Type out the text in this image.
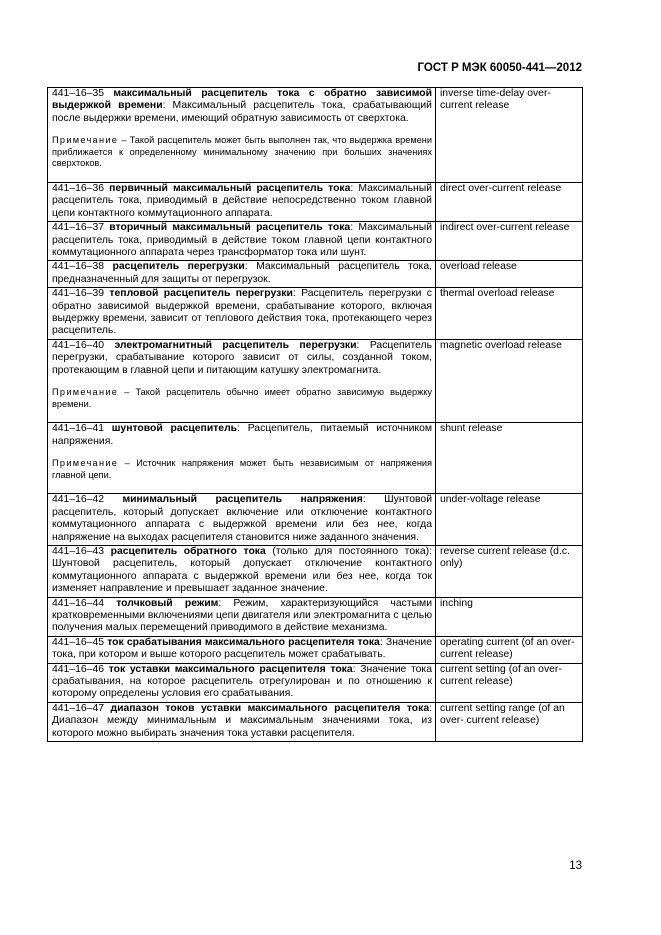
ГОСТ Р МЭК 60050-441—2012
441–16–35 максимальный расцепитель тока с обратно зависимой выдержкой времени: Максимальный расцепитель тока, срабатывающий после выдержки времени, имеющий обратную зависимость от сверхтока.
Примечание – Такой расцепитель может быть выполнен так, что выдержка времени приближается к определенному минимальному значению при больших значениях сверхтоков.	inverse time-delay over-current release
441–16–36 первичный максимальный расцепитель тока: Максимальный расцепитель тока, приводимый в действие непосредственно током главной цепи контактного коммутационного аппарата.	direct over-current release
441–16–37 вторичный максимальный расцепитель тока: Максимальный расцепитель тока, приводимый в действие током главной цепи контактного коммутационного аппарата через трансформатор тока или шунт.	indirect over-current release
441–16–38 расцепитель перегрузки: Максимальный расцепитель тока, предназначенный для защиты от перегрузок.	overload release
441–16–39 тепловой расцепитель перегрузки: Расцепитель перегрузки с обратно зависимой выдержкой времени, срабатывание которого, включая выдержку времени, зависит от теплового действия тока, протекающего через расцепитель.	thermal overload release
441–16–40 электромагнитный расцепитель перегрузки: Расцепитель перегрузки, срабатывание которого зависит от силы, созданной током, протекающим в главной цепи и питающим катушку электромагнита.
Примечание – Такой расцепитель обычно имеет обратно зависимую выдержку времени.	magnetic overload release
441–16–41 шунтовой расцепитель: Расцепитель, питаемый источником напряжения.
Примечание – Источник напряжения может быть независимым от напряжения главной цепи.	shunt release
441–16–42 минимальный расцепитель напряжения: Шунтовой расцепитель, который допускает включение или отключение контактного коммутационного аппарата с выдержкой времени или без нее, когда напряжение на выходах расцепителя становится ниже заданного значения.	under-voltage release
441–16–43 расцепитель обратного тока (только для постоянного тока): Шунтовой расцепитель, который допускает отключение контактного коммутационного аппарата с выдержкой времени или без нее, когда ток изменяет направление и превышает заданное значение.	reverse current release (d.c. only)
441–16–44 толчковый режим: Режим, характеризующийся частыми кратковременными включениями цепи двигателя или электромагнита с целью получения малых перемещений приводимого в действие механизма.	inching
441–16–45 ток срабатывания максимального расцепителя тока: Значение тока, при котором и выше которого расцепитель может срабатывать.	operating current (of an over-current release)
441–16–46 ток уставки максимального расцепителя тока: Значение тока срабатывания, на которое расцепитель отрегулирован и по отношению к которому определены условия его срабатывания.	current setting (of an over-current release)
441–16–47 диапазон токов уставки максимального расцепителя тока: Диапазон между минимальным и максимальным значениями тока, из которого можно выбирать значения тока уставки расцепителя.	current setting range (of an over- current release)
13
